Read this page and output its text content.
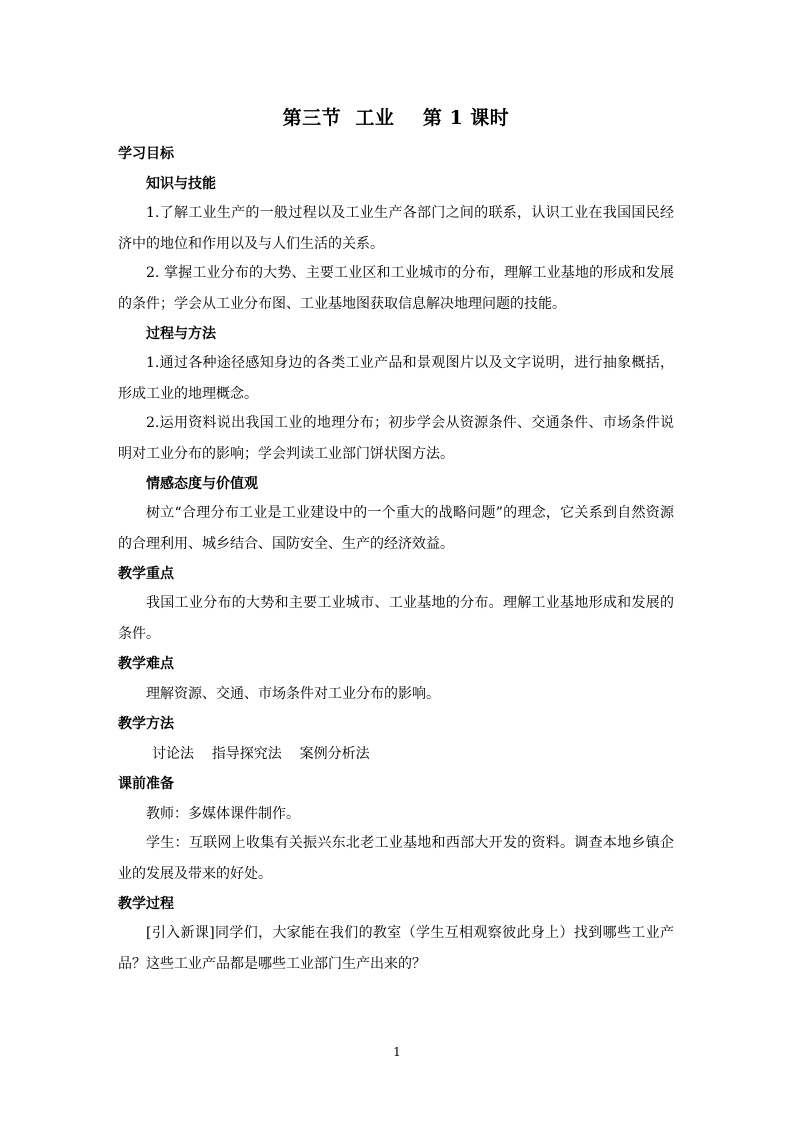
第三节  工业    第 1 课时
学习目标
知识与技能

1.了解工业生产的一般过程以及工业生产各部门之间的联系，认识工业在我国国民经济中的地位和作用以及与人们生活的关系。

2. 掌握工业分布的大势、主要工业区和工业城市的分布，理解工业基地的形成和发展的条件；学会从工业分布图、工业基地图获取信息解决地理问题的技能。

过程与方法

1.通过各种途径感知身边的各类工业产品和景观图片以及文字说明，进行抽象概括，形成工业的地理概念。

2.运用资料说出我国工业的地理分布；初步学会从资源条件、交通条件、市场条件说明对工业分布的影响；学会判读工业部门饼状图方法。

情感态度与价值观

树立“合理分布工业是工业建设中的一个重大的战略问题”的理念，它关系到自然资源的合理利用、城乡结合、国防安全、生产的经济效益。

教学重点

我国工业分布的大势和主要工业城市、工业基地的分布。理解工业基地形成和发展的条件。

教学难点

理解资源、交通、市场条件对工业分布的影响。

教学方法
讨论法    指导探究法    案例分析法
课前准备

教师：多媒体课件制作。

学生：互联网上收集有关振兴东北老工业基地和西部大开发的资料。调查本地乡镇企业的发展及带来的好处。

教学过程

[引入新课]同学们，大家能在我们的教室（学生互相观察彼此身上）找到哪些工业产品？这些工业产品都是哪些工业部门生产出来的？

1
